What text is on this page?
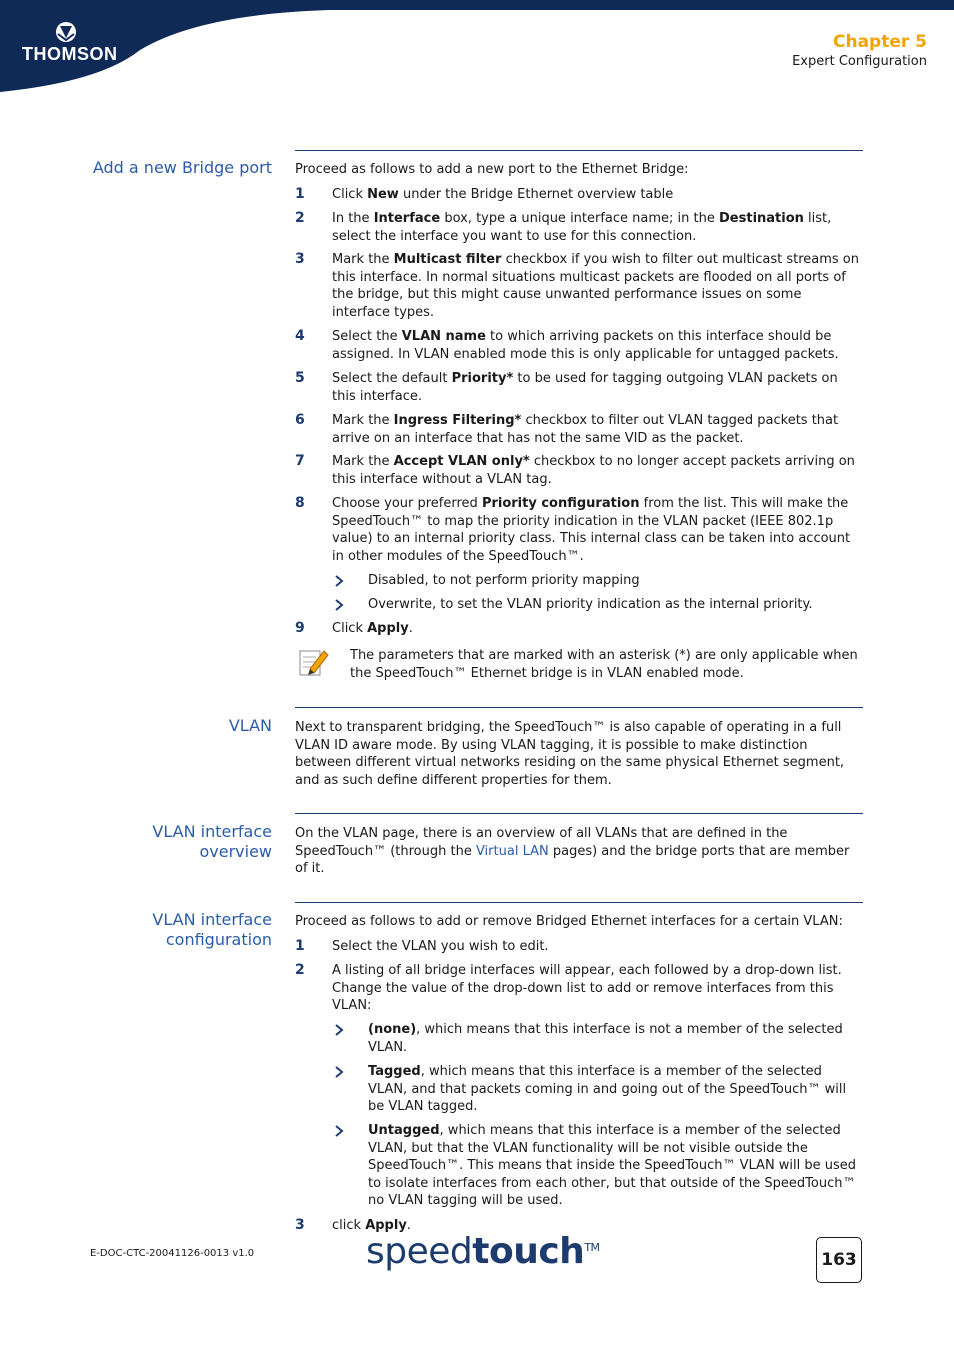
THOMSON
Chapter 5
Expert Configuration
Add a new Bridge port Proceed as follows to add a new port to the Ethernet Bridge:

1	Click New under the Bridge Ethernet overview table
2	In the Interface box, type a unique interface name; in the Destination list, select the interface you want to use for this connection.
3	Mark the Multicast filter checkbox if you wish to filter out multicast streams on this interface. In normal situations multicast packets are flooded on all ports of the bridge, but this might cause unwanted performance issues on some interface types.
4	Select the VLAN name to which arriving packets on this interface should be assigned. In VLAN enabled mode this is only applicable for untagged packets.
5	Select the default Priority* to be used for tagging outgoing VLAN packets on this interface.
6	Mark the Ingress Filtering* checkbox to filter out VLAN tagged packets that arrive on an interface that has not the same VID as the packet.
7	Mark the Accept VLAN only* checkbox to no longer accept packets arriving on this interface without a VLAN tag.
8	Choose your preferred Priority configuration from the list. This will make the SpeedTouch™ to map the priority indication in the VLAN packet (IEEE 802.1p value) to an internal priority class. This internal class can be taken into account in other modules of the SpeedTouch™.
Disabled, to not perform priority mapping
Overwrite, to set the VLAN priority indication as the internal priority.
9	Click Apply.
The parameters that are marked with an asterisk (*) are only applicable when the SpeedTouch™ Ethernet bridge is in VLAN enabled mode.
VLAN Next to transparent bridging, the SpeedTouch™ is also capable of operating in a full VLAN ID aware mode. By using VLAN tagging, it is possible to make distinction between different virtual networks residing on the same physical Ethernet segment, and as such define different properties for them.

VLAN interface
overview

On the VLAN page, there is an overview of all VLANs that are defined in the SpeedTouch™ (through the Virtual LAN pages) and the bridge ports that are member of it.

VLAN interface
configuration

Proceed as follows to add or remove Bridged Ethernet interfaces for a certain VLAN:

1	Select the VLAN you wish to edit.
2	A listing of all bridge interfaces will appear, each followed by a drop-down list. Change the value of the drop-down list to add or remove interfaces from this VLAN:
(none), which means that this interface is not a member of the selected VLAN.
Tagged, which means that this interface is a member of the selected VLAN, and that packets coming in and going out of the SpeedTouch™ will be VLAN tagged.
Untagged, which means that this interface is a member of the selected VLAN, but that the VLAN functionality will be not visible outside the SpeedTouch™. This means that inside the SpeedTouch™ VLAN will be used to isolate interfaces from each other, but that outside of the SpeedTouch™ no VLAN tagging will be used.
3	click Apply.
E-DOC-CTC-20041126-0013 v1.0	speedtouch™
163
